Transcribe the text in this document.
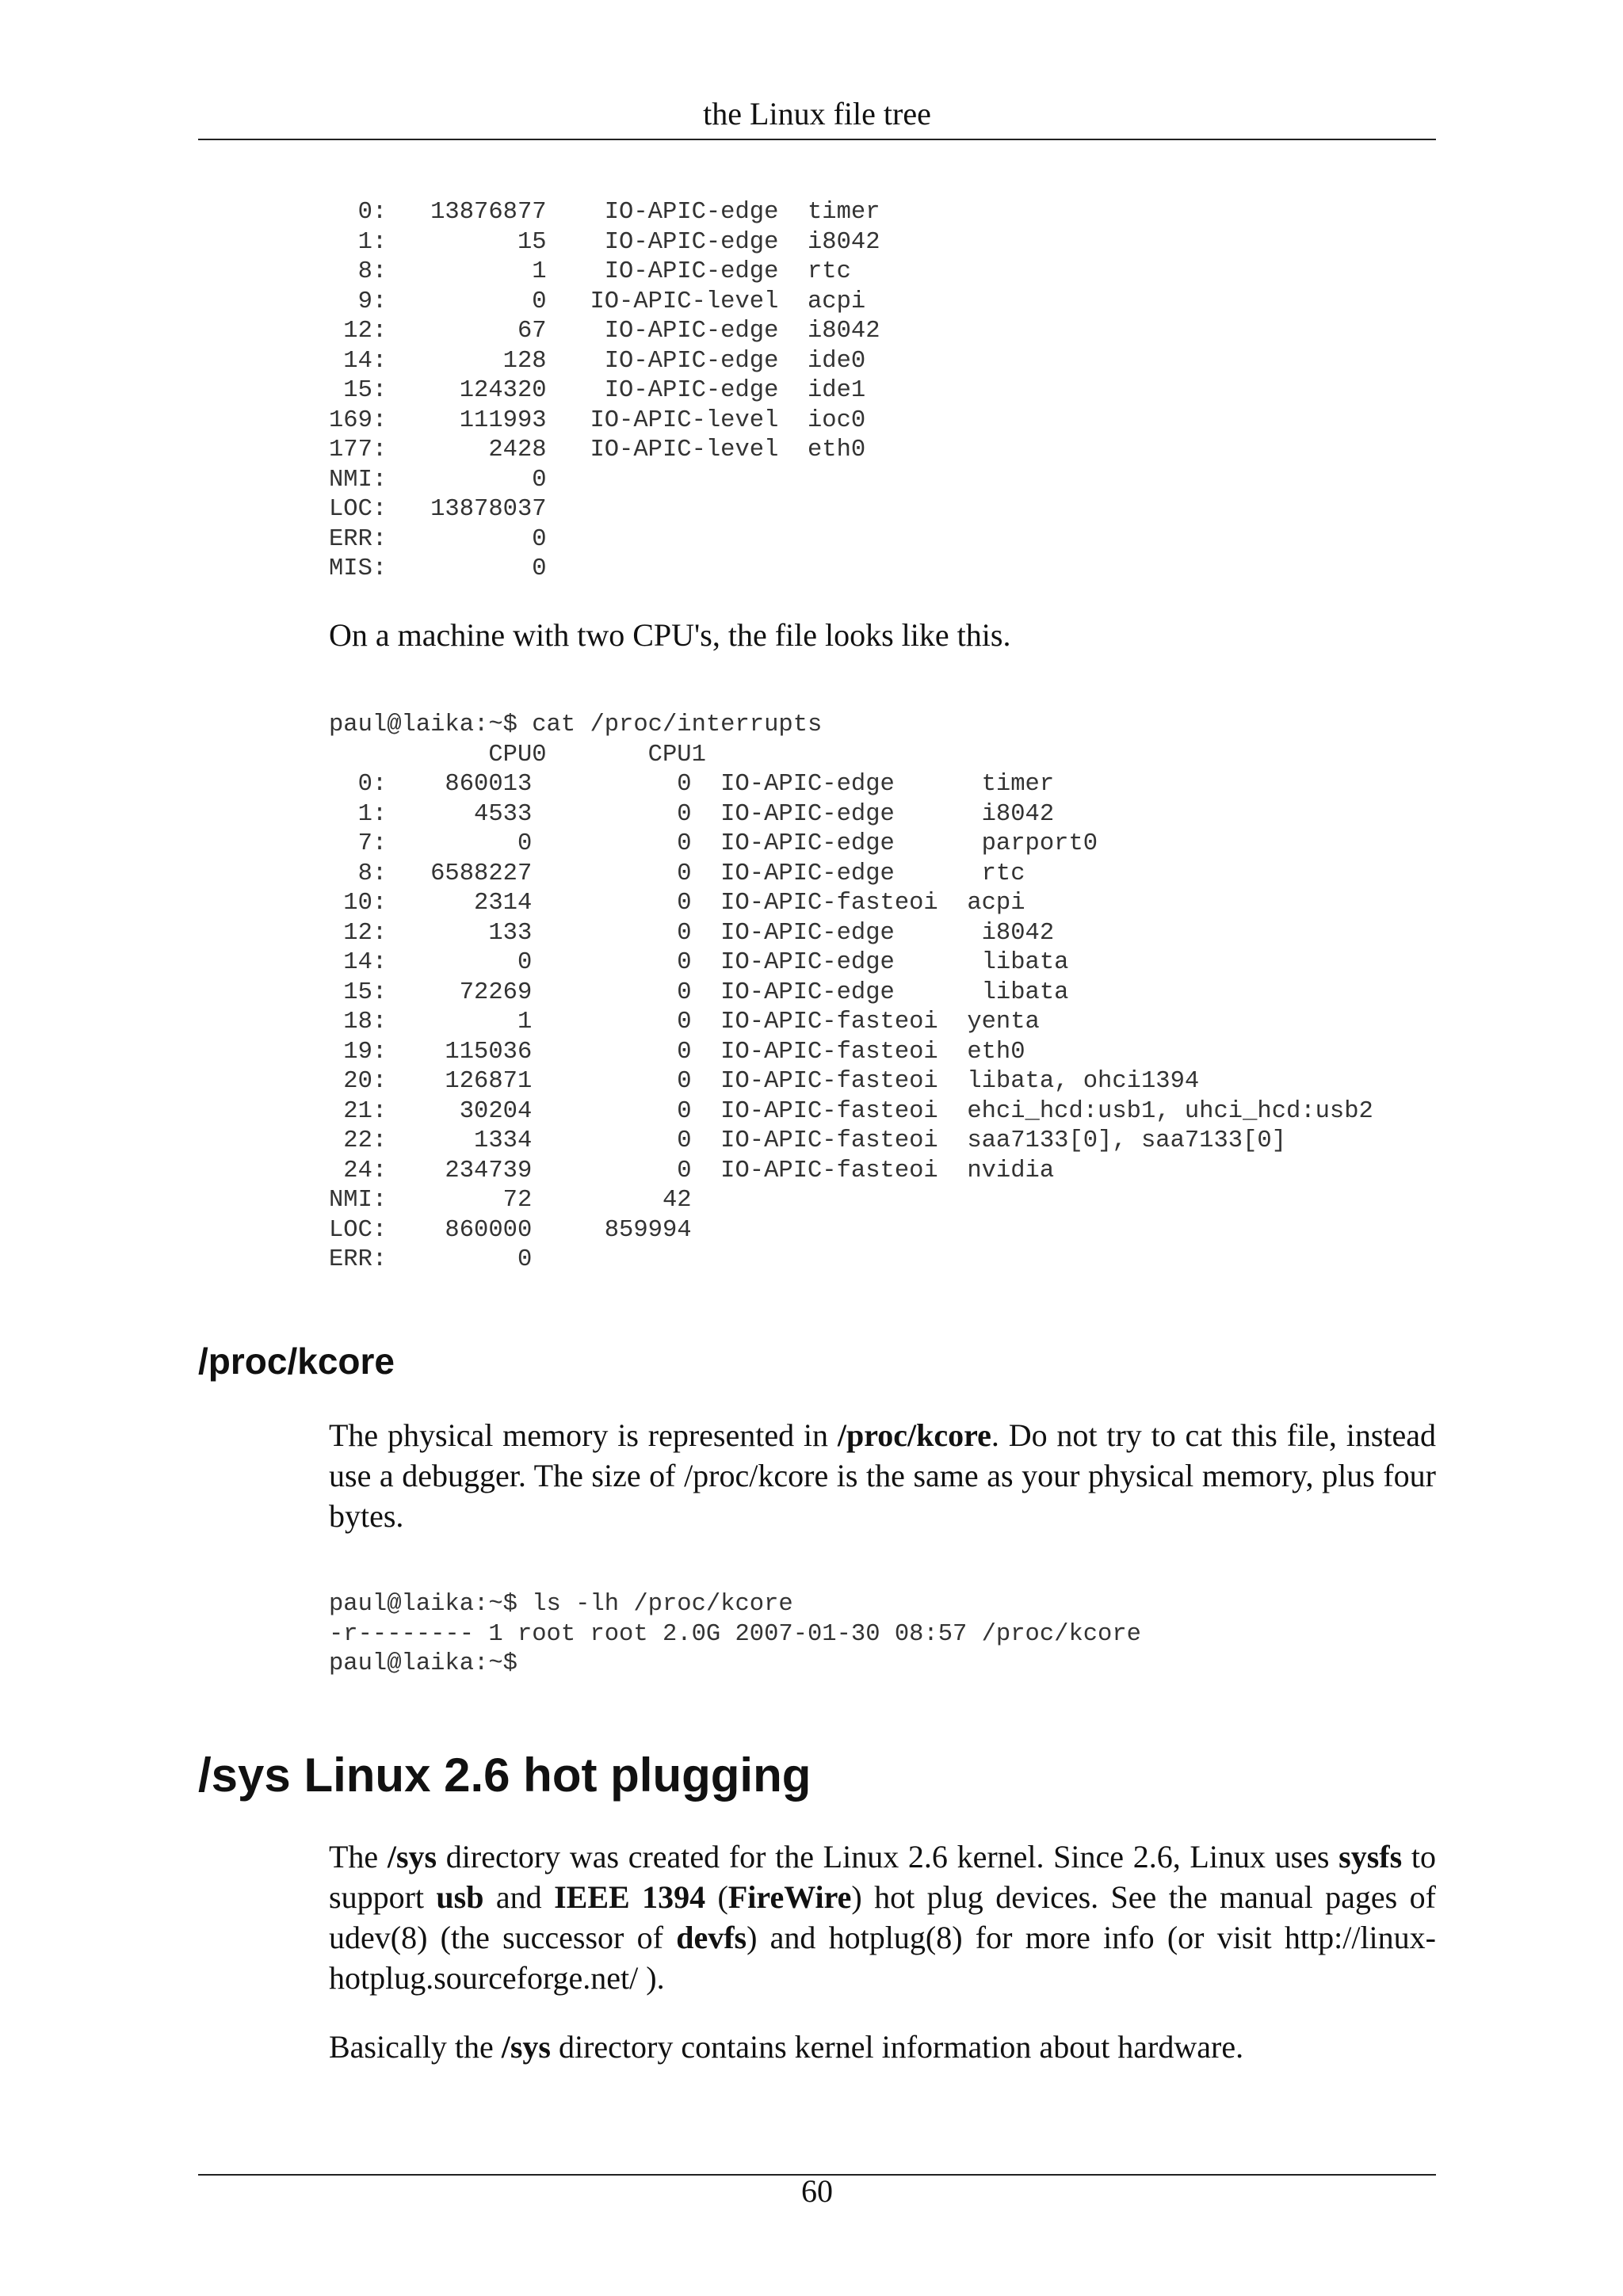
the Linux file tree
0:   13876877    IO-APIC-edge  timer
1:         15    IO-APIC-edge  i8042
8:          1    IO-APIC-edge  rtc
9:          0   IO-APIC-level  acpi
12:         67    IO-APIC-edge  i8042
14:        128    IO-APIC-edge  ide0
15:     124320    IO-APIC-edge  ide1
169:     111993   IO-APIC-level  ioc0
177:       2428   IO-APIC-level  eth0
NMI:          0
LOC:   13878037
ERR:          0
MIS:          0

On a machine with two CPU's, the file looks like this.

paul@laika:~$ cat /proc/interrupts
CPU0       CPU1
0:    860013          0  IO-APIC-edge      timer
1:      4533          0  IO-APIC-edge      i8042
7:         0          0  IO-APIC-edge      parport0
8:   6588227          0  IO-APIC-edge      rtc
10:      2314          0  IO-APIC-fasteoi  acpi
12:       133          0  IO-APIC-edge      i8042
14:         0          0  IO-APIC-edge      libata
15:     72269          0  IO-APIC-edge      libata
18:         1          0  IO-APIC-fasteoi  yenta
19:    115036          0  IO-APIC-fasteoi  eth0
20:    126871          0  IO-APIC-fasteoi  libata, ohci1394
21:     30204          0  IO-APIC-fasteoi  ehci_hcd:usb1, uhci_hcd:usb2
22:      1334          0  IO-APIC-fasteoi  saa7133[0], saa7133[0]
24:    234739          0  IO-APIC-fasteoi  nvidia
NMI:        72         42
LOC:    860000     859994
ERR:         0
/proc/kcore

The physical memory is represented in /proc/kcore. Do not try to cat this file, instead use a debugger. The size of /proc/kcore is the same as your physical memory, plus four bytes.

paul@laika:~$ ls -lh /proc/kcore
-r-------- 1 root root 2.0G 2007-01-30 08:57 /proc/kcore
paul@laika:~$
/sys Linux 2.6 hot plugging

The /sys directory was created for the Linux 2.6 kernel. Since 2.6, Linux uses sysfs to support usb and IEEE 1394 (FireWire) hot plug devices. See the manual pages of udev(8) (the successor of devfs) and hotplug(8) for more info (or visit http://linux-hotplug.sourceforge.net/ ).

Basically the /sys directory contains kernel information about hardware.

60
